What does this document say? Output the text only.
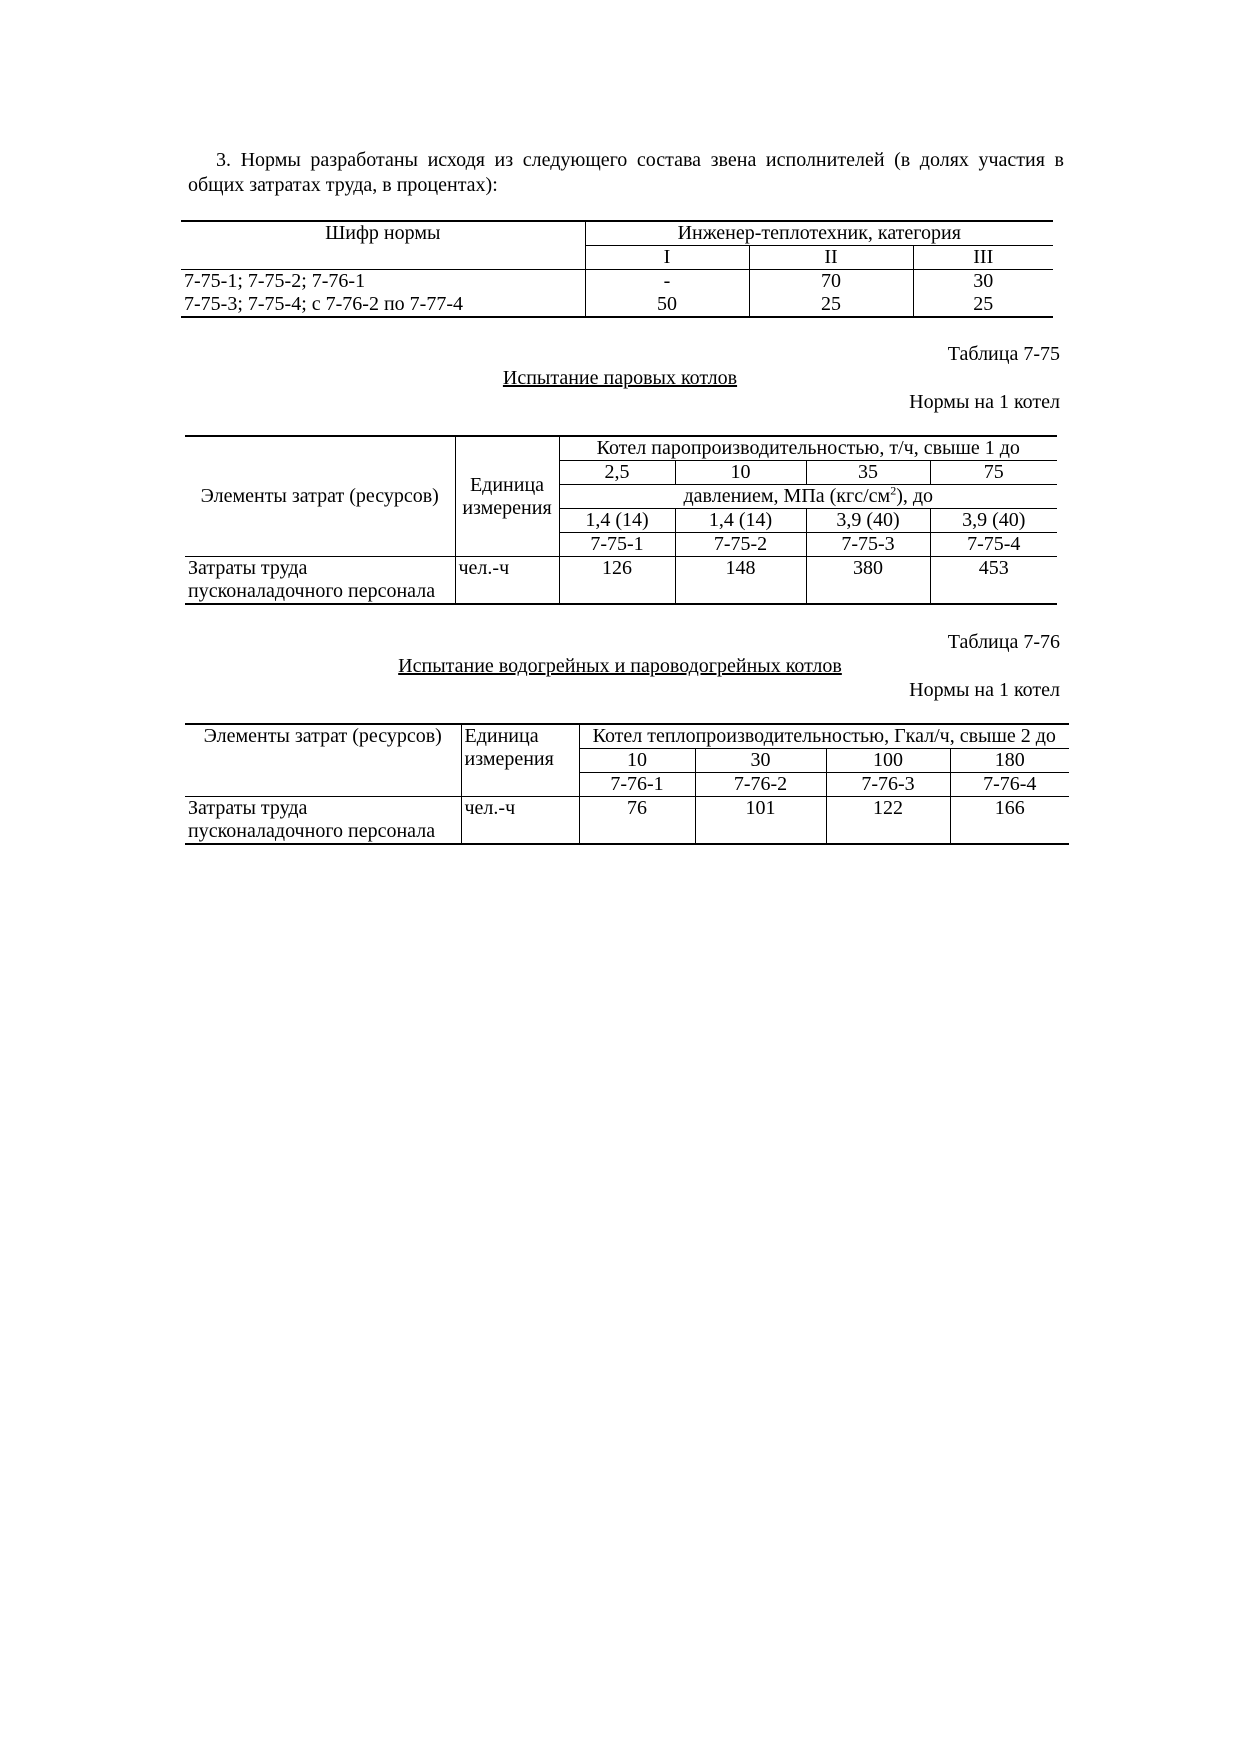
3. Нормы разработаны исходя из следующего состава звена исполнителей (в долях участия в общих затратах труда, в процентах):

Шифр нормы	Инженер-теплотехник, категория		
	I	II	III
7-75-1; 7-75-2; 7-76-1	-	70	30
7-75-3; 7-75-4; с 7-76-2 по 7-77-4	50	25	25

Таблица 7-75

Испытание паровых котлов

Нормы на 1 котел

Элементы затрат (ресурсов)	Единица измерения	Котел паропроизводительностью, т/ч, свыше 1 до			
		2,5	10	35	75
		давлением, МПа $(кгс/см^2)$, до			
		1,4 (14)	1,4 (14)	3,9 (40)	3,9 (40)
		7-75-1	7-75-2	7-75-3	7-75-4
Затраты труда пусконаладочного персонала	чел.-ч	126	148	380	453

Таблица 7-76

Испытание водогрейных и пароводогрейных котлов

Нормы на 1 котел

Элементы затрат (ресурсов)	Единица измерения	Котел теплопроизводительностью, Гкал/ч, свыше 2 до			
		10	30	100	180
		7-76-1	7-76-2	7-76-3	7-76-4
Затраты труда пусконаладочного персонала	чел.-ч	76	101	122	166
